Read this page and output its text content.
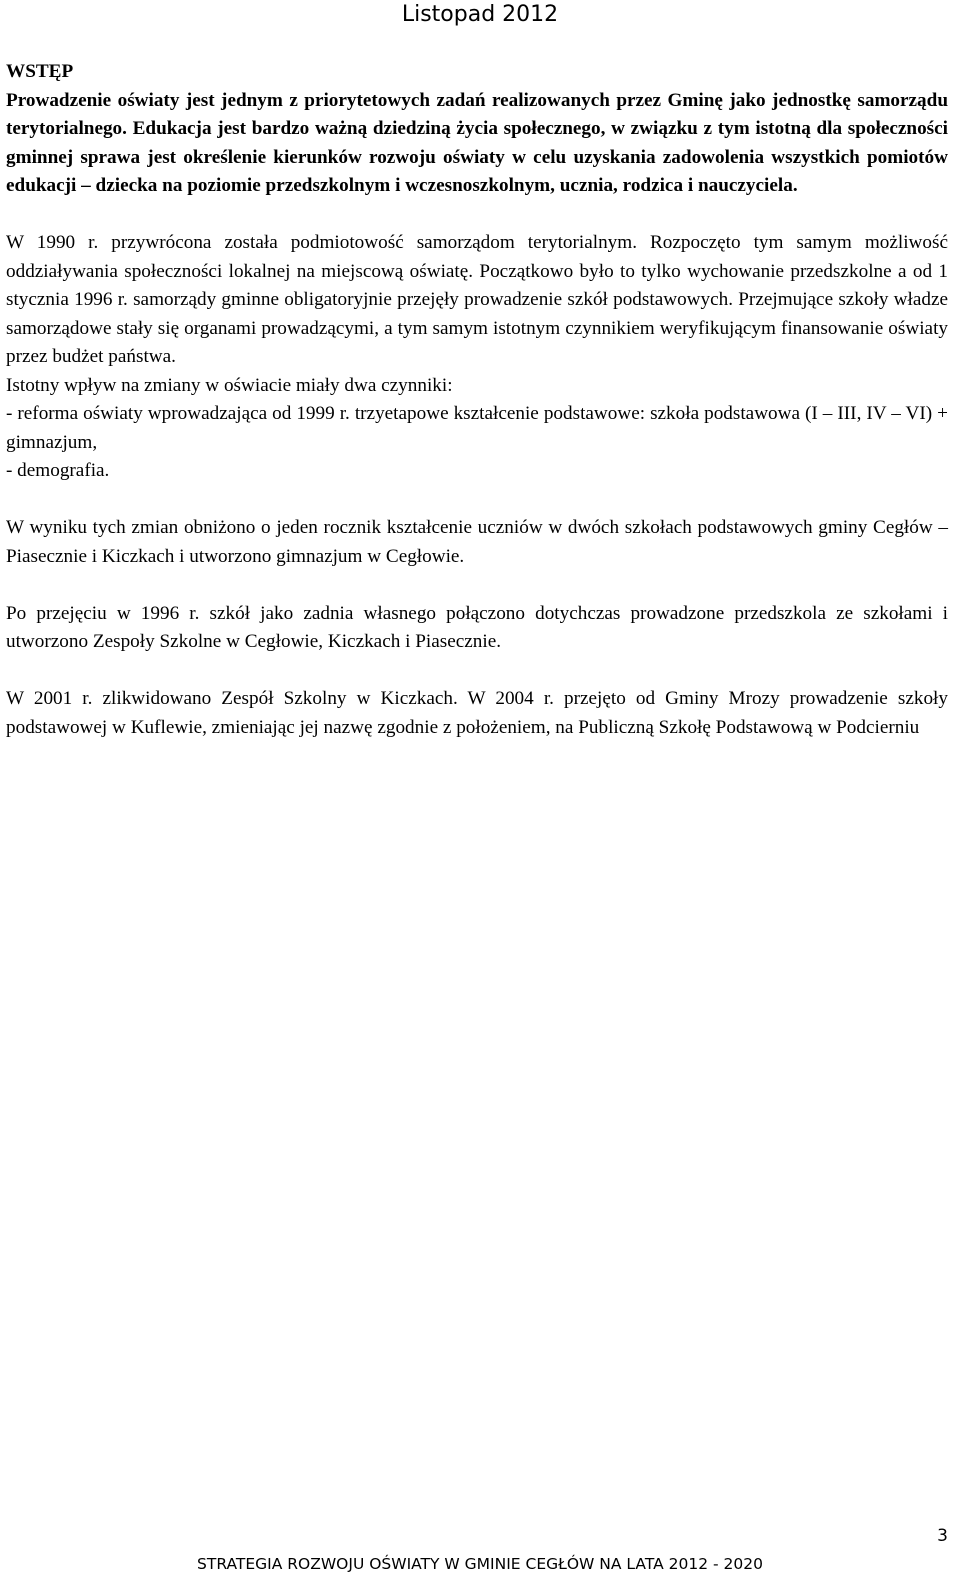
Listopad 2012

WSTĘP
Prowadzenie oświaty jest jednym z priorytetowych zadań realizowanych przez Gminę jako jednostkę samorządu terytorialnego. Edukacja jest bardzo ważną dziedziną życia społecznego, w związku z tym istotną dla społeczności gminnej sprawa jest określenie kierunków rozwoju oświaty w celu uzyskania zadowolenia wszystkich pomiotów edukacji – dziecka na poziomie przedszkolnym i wczesnoszkolnym, ucznia, rodzica i nauczyciela.

W 1990 r. przywrócona została podmiotowość samorządom terytorialnym. Rozpoczęto tym samym możliwość oddziaływania społeczności lokalnej na miejscową oświatę. Początkowo było to tylko wychowanie przedszkolne a od 1 stycznia 1996 r. samorządy gminne obligatoryjnie przejęły prowadzenie szkół podstawowych. Przejmujące szkoły władze samorządowe stały się organami prowadzącymi, a tym samym istotnym czynnikiem weryfikującym finansowanie oświaty przez budżet państwa.

Istotny wpływ na zmiany w oświacie miały dwa czynniki:

- reforma oświaty wprowadzająca od 1999 r. trzyetapowe kształcenie podstawowe: szkoła podstawowa (I – III, IV – VI) + gimnazjum,

- demografia.

W wyniku tych zmian obniżono o jeden rocznik kształcenie uczniów w dwóch szkołach podstawowych gminy Cegłów – Piasecznie i Kiczkach i utworzono gimnazjum w Cegłowie.

Po przejęciu w 1996 r. szkół jako zadnia własnego połączono dotychczas prowadzone przedszkola ze szkołami i utworzono Zespoły Szkolne w Cegłowie, Kiczkach i Piasecznie.

W 2001 r. zlikwidowano Zespół Szkolny w Kiczkach. W 2004 r. przejęto od Gminy Mrozy prowadzenie szkoły podstawowej w Kuflewie, zmieniając jej nazwę zgodnie z położeniem, na Publiczną Szkołę Podstawową w Podcierniu

3
STRATEGIA ROZWOJU OŚWIATY W GMINIE CEGŁÓW NA LATA 2012 - 2020
